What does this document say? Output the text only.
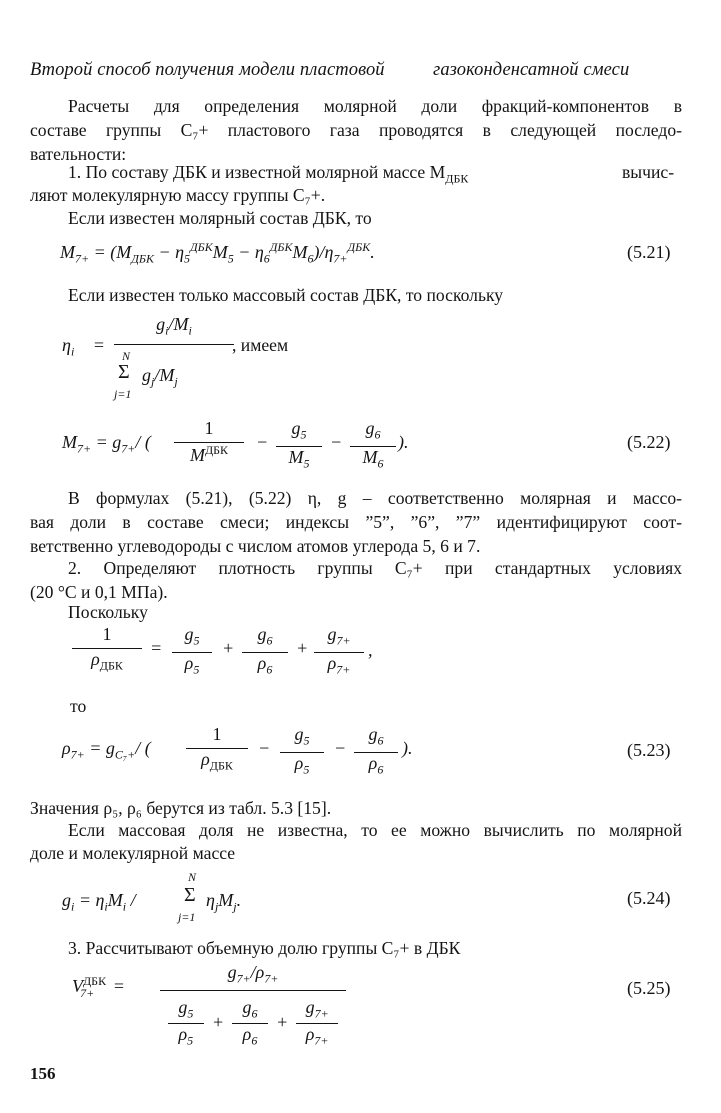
Второй способ получения модели пластовой	газоконденсатной смеси
Расчеты для определения молярной доли фракций-компонентов в
составе группы C₇+ пластового газа проводятся в следующей последо-
вательности:
1. По составу ДБК и известной молярной массе $M_{ДБК}$	вычис-
ляют молекулярную массу группы C₇+.
Если известен молярный состав ДБК, то
$M_{7+} = (M_{ДБК} - \eta_5^{ДБК}M_5 - \eta_6^{ДБК}M_6)/\eta_{7+}^{ДБК}$.	(5.21)
Если известен только массовый состав ДБК, то поскольку
$\eta_i$ =
$g_i/M_i$
N
Σ
j=1
$g_j/M_j$
, имеем
$M_{7+} = g_{7+}/$ (
1
$M^{ДБК}$ −
$g_5$
$M_5$
−
$g_6$
$M_6$
).	(5.22)
В формулах (5.21), (5.22) η, g – соответственно молярная и массо-
вая доли в составе смеси; индексы ”5”, ”6”, ”7” идентифицируют соот-
ветственно углеводороды с числом атомов углерода 5, 6 и 7.
2. Определяют плотность группы C₇+ при стандартных условиях
(20 °C и 0,1 МПа).
Поскольку
1
$\rho_{ДБК}$
=
$g_5$
$\rho_5$
+
$g_6$
$\rho_6$
+
$g_{7+}$
$\rho_{7+}$
,
то
$\rho_{7+} = g_{C_7+}/$ (
1
$\rho_{ДБК}$
−
$g_5$
$\rho_5$
−
$g_6$
$\rho_6$
).	(5.23)
Значения ρ₅, ρ₆ берутся из табл. 5.3 [15].
Если массовая доля не известна, то ее можно вычислить по молярной
доле и молекулярной массе
$g_i = \eta_iM_i$ /
N
Σ
j=1
$\eta_jM_j$.	(5.24)
3. Рассчитывают объемную долю группы C₇+ в ДБК
$V^{ДБК}_{7+}$ =
$g_{7+}/\rho_{7+}$
$g_5$
$\rho_5$
+
$g_6$
$\rho_6$
+
$g_{7+}$
$\rho_{7+}$
(5.25)
156
